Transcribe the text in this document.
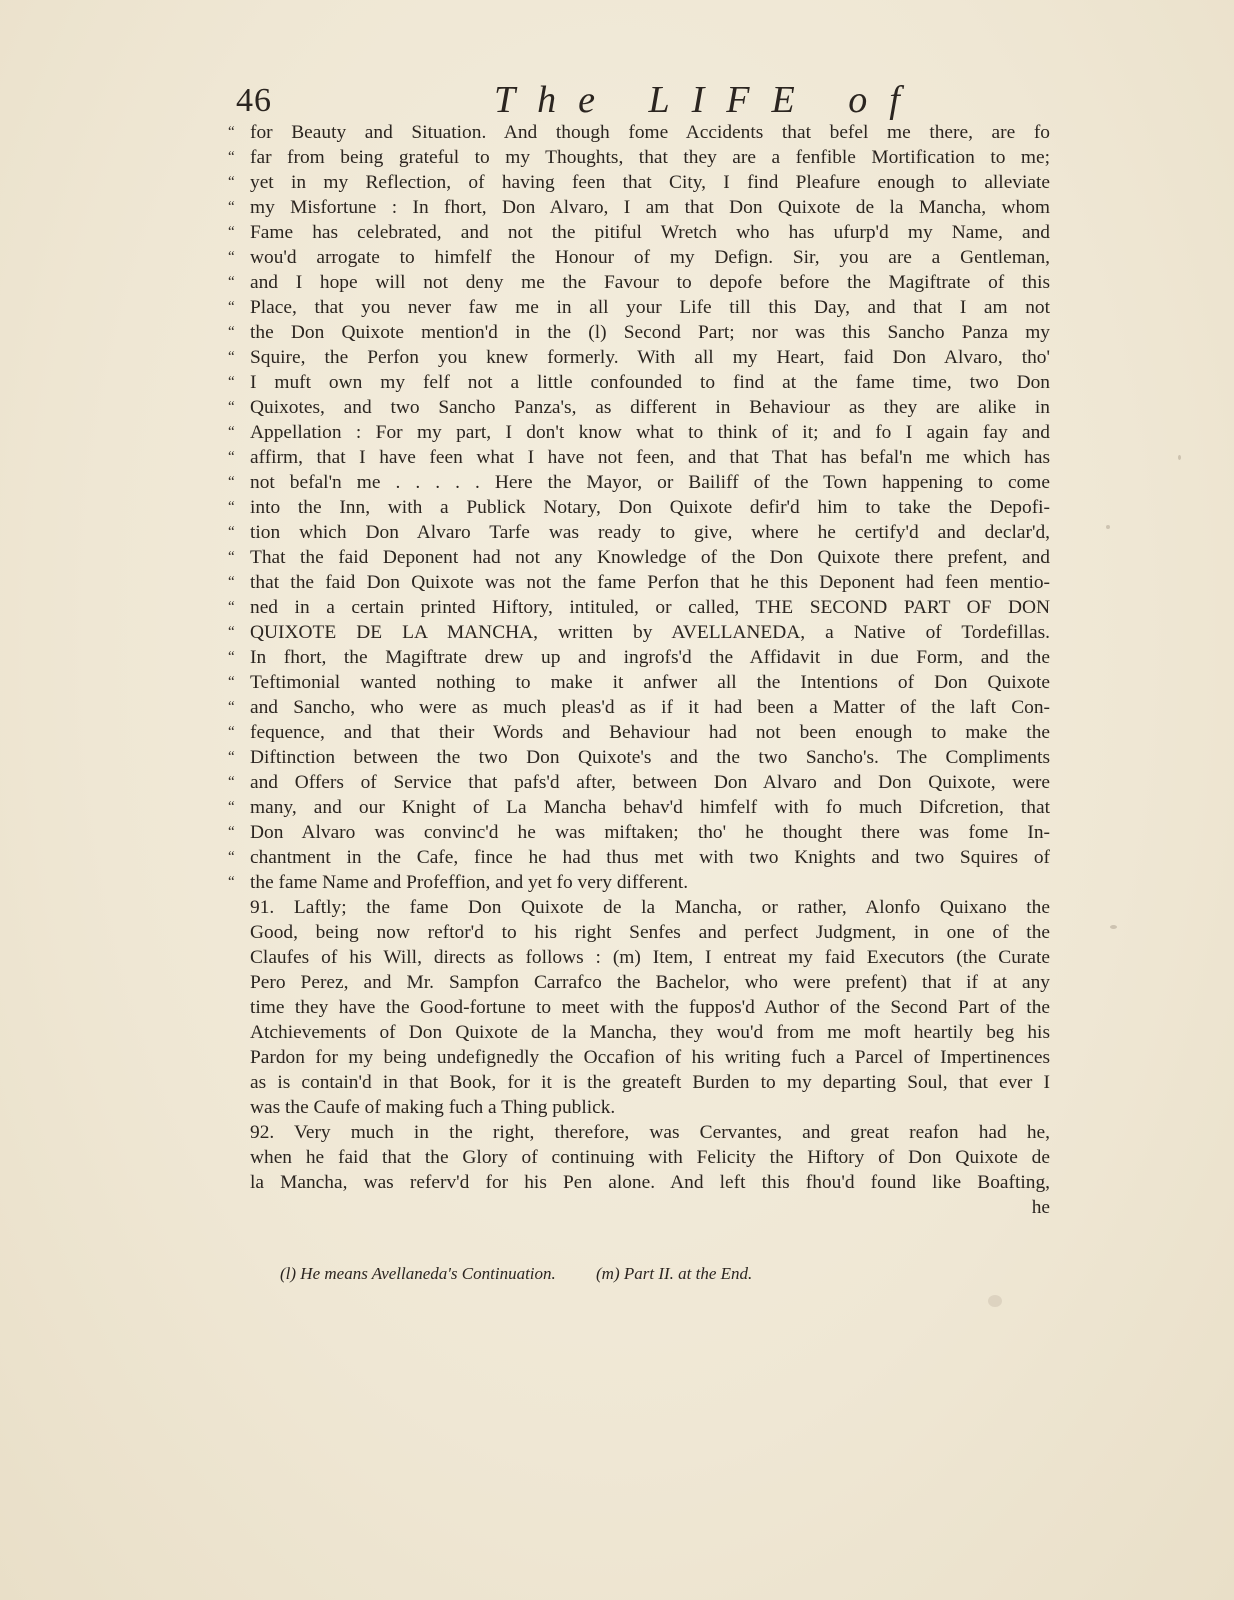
46	The LIFE of
“ for Beauty and Situation. And though fome Accidents that befel me there, are fo
“ far from being grateful to my Thoughts, that they are a fenfible Mortification to me;
“ yet in my Reflection, of having feen that City, I find Pleafure enough to alleviate
“ my Misfortune : In fhort, Don Alvaro, I am that Don Quixote de la Mancha, whom
“ Fame has celebrated, and not the pitiful Wretch who has ufurp'd my Name, and
“ wou'd arrogate to himfelf the Honour of my Defign. Sir, you are a Gentleman,
“ and I hope will not deny me the Favour to depofe before the Magiftrate of this
“ Place, that you never faw me in all your Life till this Day, and that I am not
“ the Don Quixote mention'd in the (l) Second Part; nor was this Sancho Panza my
“ Squire, the Perfon you knew formerly. With all my Heart, faid Don Alvaro, tho'
“ I muft own my felf not a little confounded to find at the fame time, two Don
“ Quixotes, and two Sancho Panza's, as different in Behaviour as they are alike in
“ Appellation : For my part, I don't know what to think of it; and fo I again fay and
“ affirm, that I have feen what I have not feen, and that That has befal'n me which has
“ not befal'n me . . . . . Here the Mayor, or Bailiff of the Town happening to come
“ into the Inn, with a Publick Notary, Don Quixote defir'd him to take the Depofi-
“ tion which Don Alvaro Tarfe was ready to give, where he certify'd and declar'd,
“ That the faid Deponent had not any Knowledge of the Don Quixote there prefent, and
“ that the faid Don Quixote was not the fame Perfon that he this Deponent had feen mentio-
“ ned in a certain printed Hiftory, intituled, or called, THE SECOND PART OF DON
“ QUIXOTE DE LA MANCHA, written by AVELLANEDA, a Native of Tordefillas.
“ In fhort, the Magiftrate drew up and ingrofs'd the Affidavit in due Form, and the
“ Teftimonial wanted nothing to make it anfwer all the Intentions of Don Quixote
“ and Sancho, who were as much pleas'd as if it had been a Matter of the laft Con-
“ fequence, and that their Words and Behaviour had not been enough to make the
“ Diftinction between the two Don Quixote's and the two Sancho's. The Compliments
“ and Offers of Service that pafs'd after, between Don Alvaro and Don Quixote, were
“ many, and our Knight of La Mancha behav'd himfelf with fo much Difcretion, that
“ Don Alvaro was convinc'd he was miftaken; tho' he thought there was fome In-
“ chantment in the Cafe, fince he had thus met with two Knights and two Squires of
“ the fame Name and Profeffion, and yet fo very different.
91. Laftly; the fame Don Quixote de la Mancha, or rather, Alonfo Quixano the
Good, being now reftor'd to his right Senfes and perfect Judgment, in one of the
Claufes of his Will, directs as follows : (m) Item, I entreat my faid Executors (the Curate
Pero Perez, and Mr. Sampfon Carrafco the Bachelor, who were prefent) that if at any
time they have the Good-fortune to meet with the fuppos'd Author of the Second Part of the
Atchievements of Don Quixote de la Mancha, they wou'd from me moft heartily beg his
Pardon for my being undefignedly the Occafion of his writing fuch a Parcel of Impertinences
as is contain'd in that Book, for it is the greateft Burden to my departing Soul, that ever I
was the Caufe of making fuch a Thing publick.
92. Very much in the right, therefore, was Cervantes, and great reafon had he,
when he faid that the Glory of continuing with Felicity the Hiftory of Don Quixote de
la Mancha, was referv'd for his Pen alone. And left this fhou'd found like Boafting,
he
(l) He means Avellaneda's Continuation. (m) Part II. at the End.
